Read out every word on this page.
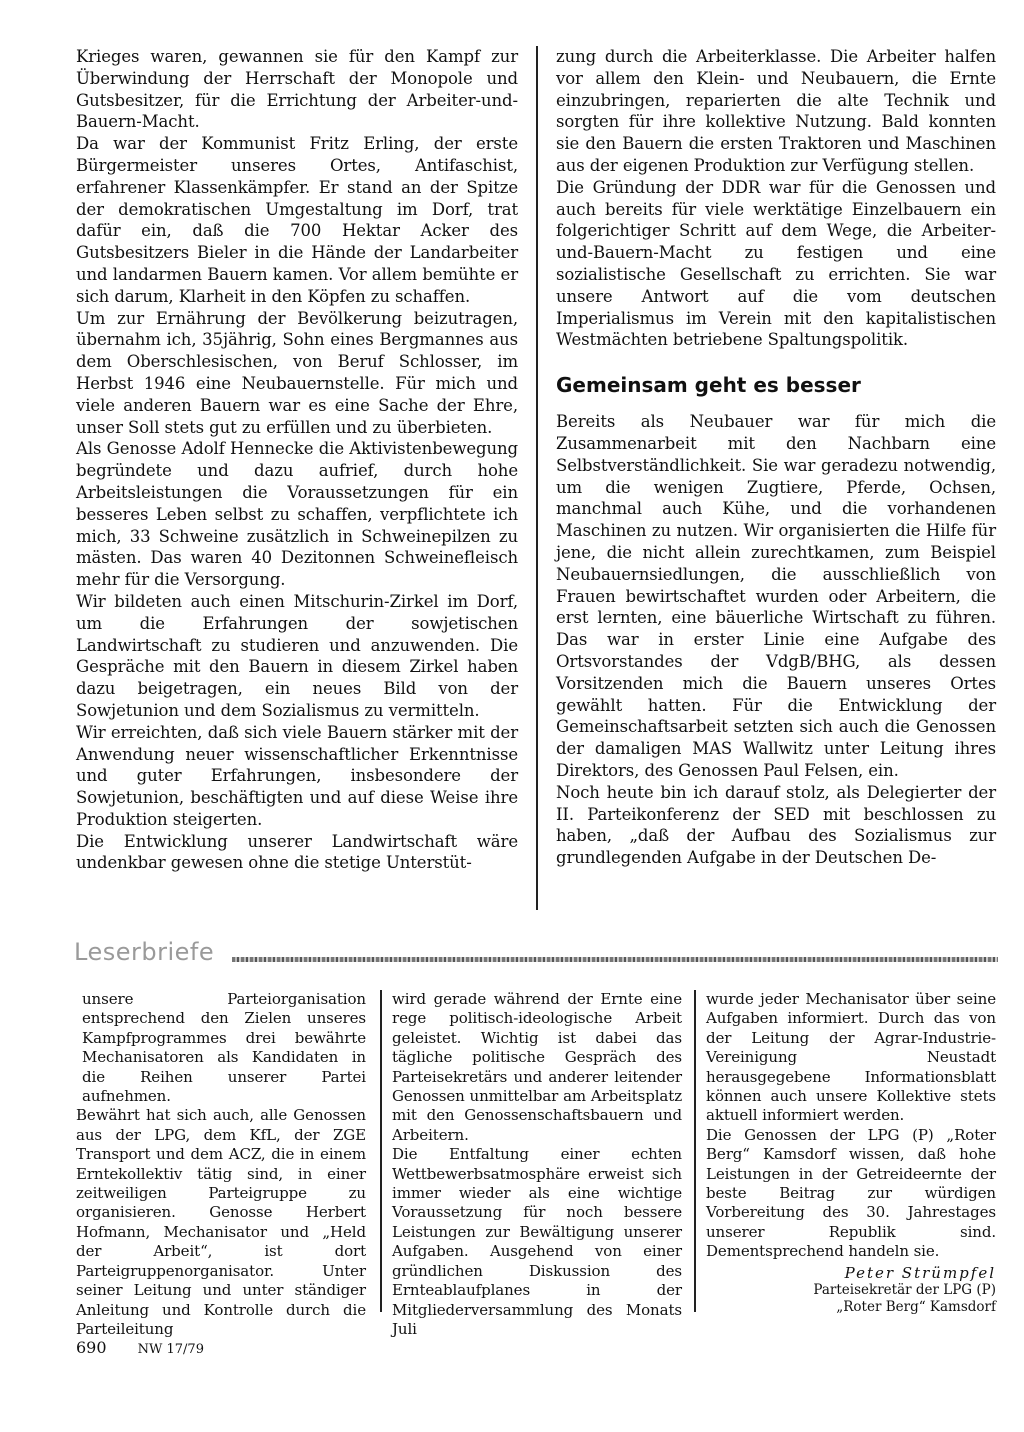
Krieges waren, gewannen sie für den Kampf zur Überwindung der Herrschaft der Monopole und Gutsbesitzer, für die Errichtung der Arbeiter-und-Bauern-Macht.

Da war der Kommunist Fritz Erling, der erste Bürgermeister unseres Ortes, Antifaschist, erfahrener Klassenkämpfer. Er stand an der Spitze der demokratischen Umgestaltung im Dorf, trat dafür ein, daß die 700 Hektar Acker des Gutsbesitzers Bieler in die Hände der Landarbeiter und landarmen Bauern kamen. Vor allem bemühte er sich darum, Klarheit in den Köpfen zu schaffen.

Um zur Ernährung der Bevölkerung beizutragen, übernahm ich, 35jährig, Sohn eines Bergmannes aus dem Oberschlesischen, von Beruf Schlosser, im Herbst 1946 eine Neubauernstelle. Für mich und viele anderen Bauern war es eine Sache der Ehre, unser Soll stets gut zu erfüllen und zu überbieten.

Als Genosse Adolf Hennecke die Aktivistenbewegung begründete und dazu aufrief, durch hohe Arbeitsleistungen die Voraussetzungen für ein besseres Leben selbst zu schaffen, verpflichtete ich mich, 33 Schweine zusätzlich in Schweinepilzen zu mästen. Das waren 40 Dezitonnen Schweinefleisch mehr für die Versorgung.

Wir bildeten auch einen Mitschurin-Zirkel im Dorf, um die Erfahrungen der sowjetischen Landwirtschaft zu studieren und anzuwenden. Die Gespräche mit den Bauern in diesem Zirkel haben dazu beigetragen, ein neues Bild von der Sowjetunion und dem Sozialismus zu vermitteln.

Wir erreichten, daß sich viele Bauern stärker mit der Anwendung neuer wissenschaftlicher Erkenntnisse und guter Erfahrungen, insbesondere der Sowjetunion, beschäftigten und auf diese Weise ihre Produktion steigerten.

Die Entwicklung unserer Landwirtschaft wäre undenkbar gewesen ohne die stetige Unterstüt-

zung durch die Arbeiterklasse. Die Arbeiter halfen vor allem den Klein- und Neubauern, die Ernte einzubringen, reparierten die alte Technik und sorgten für ihre kollektive Nutzung. Bald konnten sie den Bauern die ersten Traktoren und Maschinen aus der eigenen Produktion zur Verfügung stellen.

Die Gründung der DDR war für die Genossen und auch bereits für viele werktätige Einzelbauern ein folgerichtiger Schritt auf dem Wege, die Arbeiter-und-Bauern-Macht zu festigen und eine sozialistische Gesellschaft zu errichten. Sie war unsere Antwort auf die vom deutschen Imperialismus im Verein mit den kapitalistischen Westmächten betriebene Spaltungspolitik.

Gemeinsam geht es besser

Bereits als Neubauer war für mich die Zusammenarbeit mit den Nachbarn eine Selbstverständlichkeit. Sie war geradezu notwendig, um die wenigen Zugtiere, Pferde, Ochsen, manchmal auch Kühe, und die vorhandenen Maschinen zu nutzen. Wir organisierten die Hilfe für jene, die nicht allein zurechtkamen, zum Beispiel Neubauernsiedlungen, die ausschließlich von Frauen bewirtschaftet wurden oder Arbeitern, die erst lernten, eine bäuerliche Wirtschaft zu führen. Das war in erster Linie eine Aufgabe des Ortsvorstandes der VdgB/BHG, als dessen Vorsitzenden mich die Bauern unseres Ortes gewählt hatten. Für die Entwicklung der Gemeinschaftsarbeit setzten sich auch die Genossen der damaligen MAS Wallwitz unter Leitung ihres Direktors, des Genossen Paul Felsen, ein.

Noch heute bin ich darauf stolz, als Delegierter der II. Parteikonferenz der SED mit beschlossen zu haben, „daß der Aufbau des Sozialismus zur grundlegenden Aufgabe in der Deutschen De-

Leserbriefe

unsere Parteiorganisation entsprechend den Zielen unseres Kampfprogrammes drei bewährte Mechanisatoren als Kandidaten in die Reihen unserer Partei aufnehmen.

Bewährt hat sich auch, alle Genossen aus der LPG, dem KfL, der ZGE Transport und dem ACZ, die in einem Erntekollektiv tätig sind, in einer zeitweiligen Parteigruppe zu organisieren. Genosse Herbert Hofmann, Mechanisator und „Held der Arbeit“, ist dort Parteigruppenorganisator. Unter seiner Leitung und unter ständiger Anleitung und Kontrolle durch die Parteileitung

wird gerade während der Ernte eine rege politisch-ideologische Arbeit geleistet. Wichtig ist dabei das tägliche politische Gespräch des Parteisekretärs und anderer leitender Genossen unmittelbar am Arbeitsplatz mit den Genossenschaftsbauern und Arbeitern.

Die Entfaltung einer echten Wettbewerbsatmosphäre erweist sich immer wieder als eine wichtige Voraussetzung für noch bessere Leistungen zur Bewältigung unserer Aufgaben. Ausgehend von einer gründlichen Diskussion des Ernteablaufplanes in der Mitgliederversammlung des Monats Juli

wurde jeder Mechanisator über seine Aufgaben informiert. Durch das von der Leitung der Agrar-Industrie-Vereinigung Neustadt herausgegebene Informationsblatt können auch unsere Kollektive stets aktuell informiert werden.

Die Genossen der LPG (P) „Roter Berg“ Kamsdorf wissen, daß hohe Leistungen in der Getreideernte der beste Beitrag zur würdigen Vorbereitung des 30. Jahrestages unserer Republik sind. Dementsprechend handeln sie.

Peter Strümpfel
Parteisekretär der LPG (P)
„Roter Berg“ Kamsdorf
690 NW 17/79
